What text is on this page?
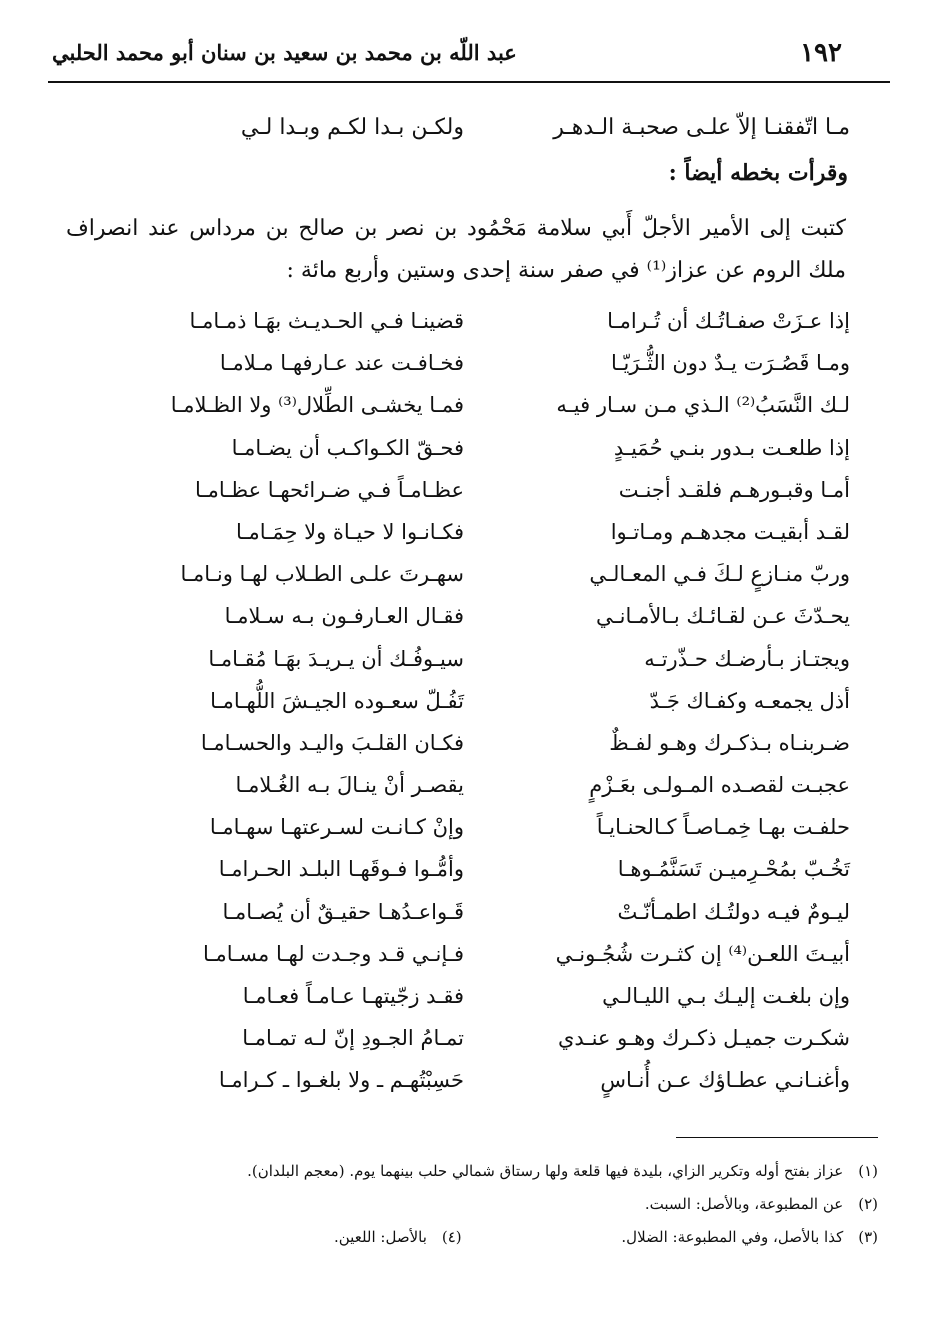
١٩٢
عبد اللّه بن محمد بن سعيد بن سنان أبو محمد الحلبي
مـا اتّفقنـا إلاّ علـى صحبـة الـدهـر
ولكـن بـدا لكـم وبـدا لـي
وقرأت بخطه أيضاً :
كتبت إلى الأمير الأجلّ أَبي سلامة مَحْمُود بن نصر بن صالح بن مرداس عند انصراف ملك الروم عن عزاز⁽¹⁾ في صفر سنة إحدى وستين وأربع مائة :
إذا عـزَتْ صفـاتُـك أن تُـرامـا
قضينـا فـي الحـديـث بهَـا ذمـامـا
ومـا قَصُـرَت يـدٌ دون الثُّـرَيّـا
فخـافـت عند عـارفهـا مـلامـا
لـك النَّسَبُ⁽²⁾ الـذي مـن سـار فيـه
فمـا يخشـى الطِّلال⁽³⁾ ولا الظـلامـا
إذا طلعـت بـدور بنـي حُمَيـدٍ
فحـقّ الكـواكـب أن يضـامـا
أمـا وقبـورهـم فلقـد أجنـت
عظـامـاً فـي ضـرائحهـا عظـامـا
لقـد أبقيـت مجدهـم ومـاتـوا
فكـانـوا لا حيـاة ولا حِمَـامـا
وربّ منـازعٍ لـكَ فـي المعـالـي
سهـرتَ علـى الطـلاب لهـا ونـامـا
يحـدّثَ عـن لقـائـك بـالأمـانـي
فقـال العـارفـون بـه سـلامـا
ويجتـاز بـأرضـك حـذّرتـه
سيـوفُـك أن يـريـدَ بهَـا مُقـامـا
أذل يجمعـه وكفـاك جَـدّ
تَفُـلّ سعـوده الجيـشَ اللُّهـامـا
ضـربنـاه بـذكـرك وهـو لفـظٌ
فكـان القلـبَ واليـد والحسـامـا
عجبـت لقصـده المـولـى بعَـزْمٍ
يقصـر أنْ ينـالَ بـه الغُـلامـا
حلفـت بهـا خِمـاصـاً كـالحنـايـاً
وإنْ كـانـت لسـرعتهـا سهـامـا
تَخُـبّ بمُحْـرِميـن تَسَنَّمُـوهـا
وأمُّـوا فـوقَهـا البلـد الحـرامـا
ليـومٌ فيـه دولتُـك اطمـأنّـتْ
قَـواعـدُهـا حقيـقٌ أن يُصـامـا
أبيـتَ اللعـن⁽⁴⁾ إن كثـرت شُجُـونـي
فـإنـي قـد وجـدت لهـا مسـامـا
وإن بلغـت إليـك بـي الليـالـي
فقـد زجّيتهـا عـامـاً فعـامـا
شكـرت جميـل ذكـرك وهـو عنـدي
تمـامُ الجـودِ إنّ لـه تمـامـا
وأغنـانـي عطـاؤك عـن أُنـاسٍ
حَسِبْتُهـم ـ ولا بلغـوا ـ كـرامـا
(١) عزاز بفتح أوله وتكرير الزاي، بليدة فيها قلعة ولها رستاق شمالي حلب بينهما يوم. (معجم البلدان).
(٢) عن المطبوعة، وبالأصل: السبت.
(٣) كذا بالأصل، وفي المطبوعة: الضلال.
(٤) بالأصل: اللعين.
